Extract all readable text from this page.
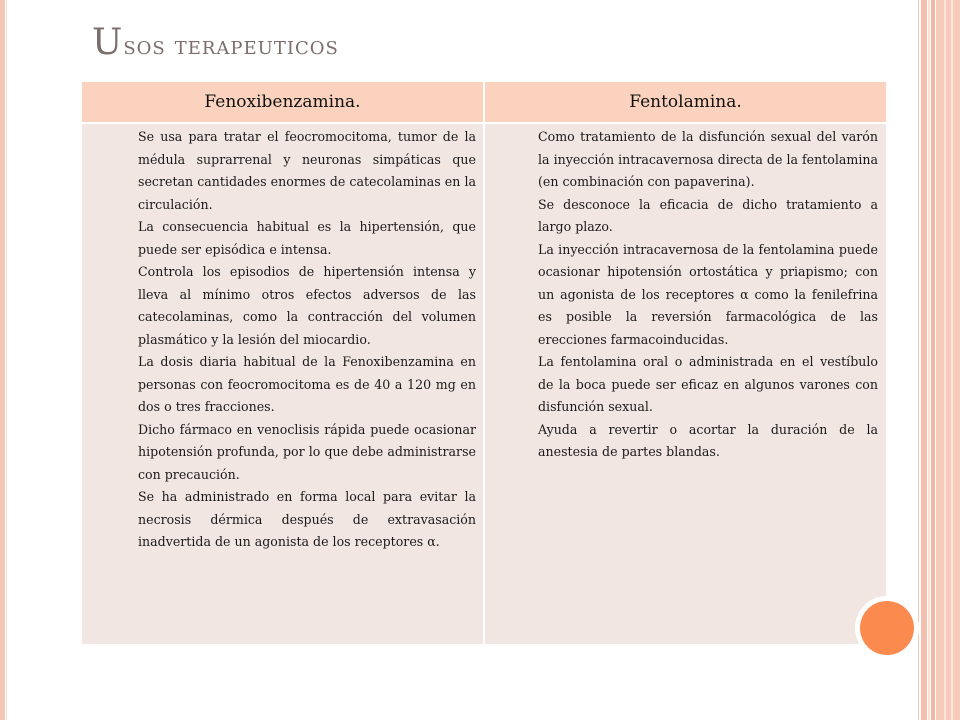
Usos terapeuticos
Fenoxibenzamina.	Fentolamina.

Se usa para tratar el feocromocitoma, tumor de la médula suprarrenal y neuronas simpáticas que secretan cantidades enormes de catecolaminas en la circulación.

La consecuencia habitual es la hipertensión, que puede ser episódica e intensa.

Controla los episodios de hipertensión intensa y lleva al mínimo otros efectos adversos de las catecolaminas, como la contracción del volumen plasmático y la lesión del miocardio.

La dosis diaria habitual de la Fenoxibenzamina en personas con feocromocitoma es de 40 a 120 mg en dos o tres fracciones.

Dicho fármaco en venoclisis rápida puede ocasionar hipotensión profunda, por lo que debe administrarse con precaución.

Se ha administrado en forma local para evitar la necrosis dérmica después de extravasación inadvertida de un agonista de los receptores α.

Como tratamiento de la disfunción sexual del varón la inyección intracavernosa directa de la fentolamina (en combinación con papaverina).

Se desconoce la eficacia de dicho tratamiento a largo plazo.

La inyección intracavernosa de la fentolamina puede ocasionar hipotensión ortostática y priapismo; con un agonista de los receptores α como la fenilefrina es posible la reversión farmacológica de las erecciones farmacoinducidas.

La fentolamina oral o administrada en el vestíbulo de la boca puede ser eficaz en algunos varones con disfunción sexual.

Ayuda a revertir o acortar la duración de la anestesia de partes blandas.
